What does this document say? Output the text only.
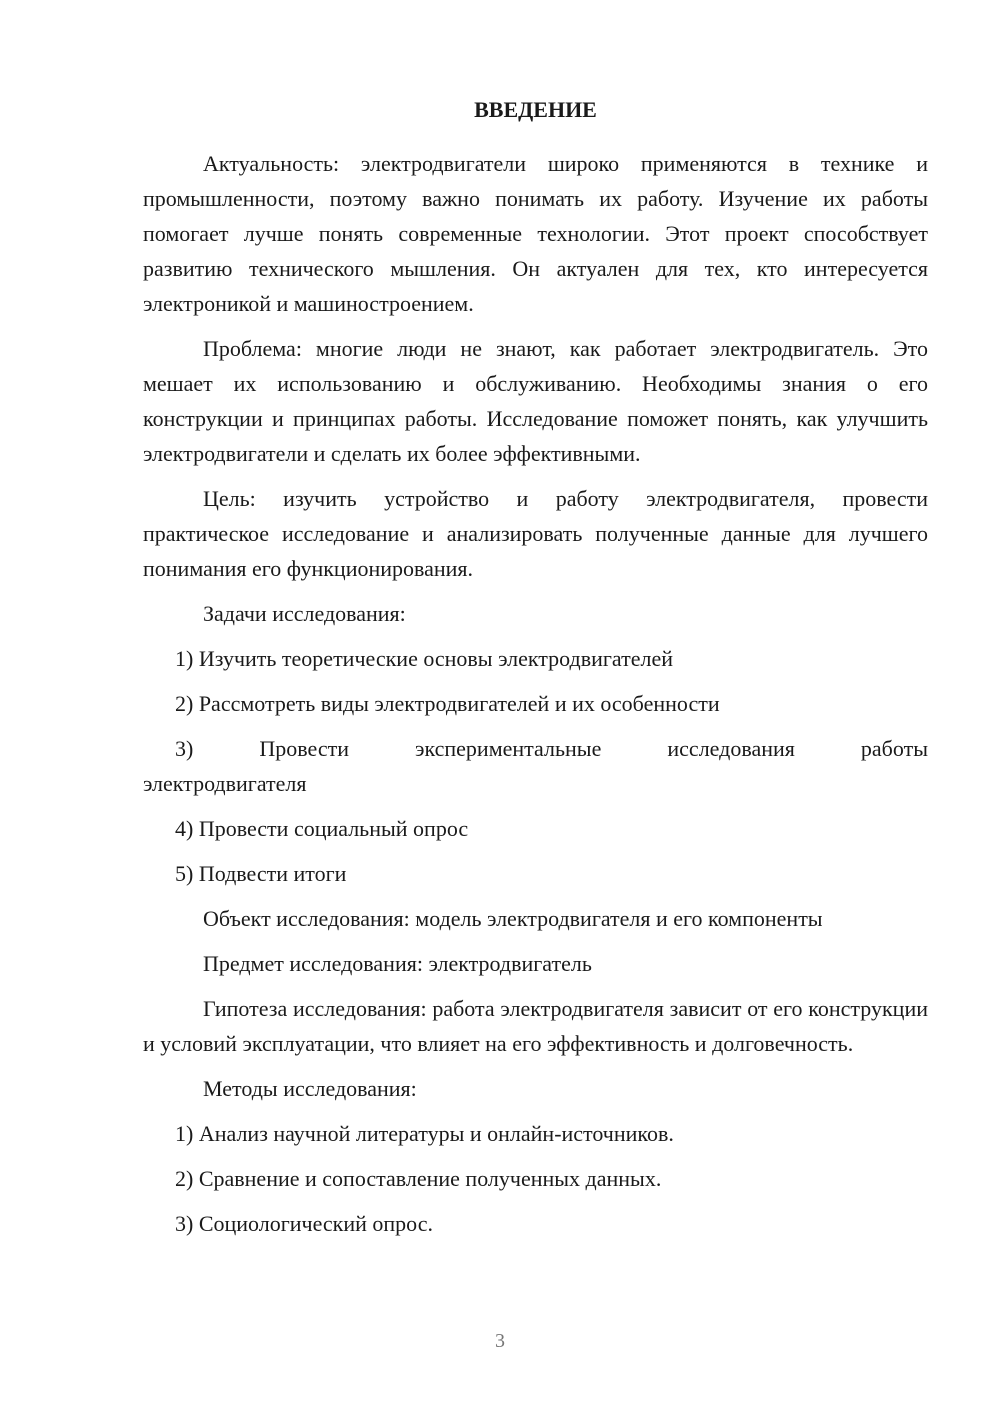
ВВЕДЕНИЕ

Актуальность: электродвигатели широко применяются в технике и промышленности, поэтому важно понимать их работу. Изучение их работы помогает лучше понять современные технологии. Этот проект способствует развитию технического мышления. Он актуален для тех, кто интересуется электроникой и машиностроением.

Проблема: многие люди не знают, как работает электродвигатель. Это мешает их использованию и обслуживанию. Необходимы знания о его конструкции и принципах работы. Исследование поможет понять, как улучшить электродвигатели и сделать их более эффективными.

Цель: изучить устройство и работу электродвигателя, провести практическое исследование и анализировать полученные данные для лучшего понимания его функционирования.

Задачи исследования:

1) Изучить теоретические основы электродвигателей

2) Рассмотреть виды электродвигателей и их особенности

3)	Провести	экспериментальные	исследования	работы

электродвигателя

4) Провести социальный опрос

5) Подвести итоги

Объект исследования: модель электродвигателя и его компоненты

Предмет исследования: электродвигатель

Гипотеза исследования: работа электродвигателя зависит от его конструкции и условий эксплуатации, что влияет на его эффективность и долговечность.

Методы исследования:

1) Анализ научной литературы и онлайн-источников.

2) Сравнение и сопоставление полученных данных.

3) Социологический опрос.

3
